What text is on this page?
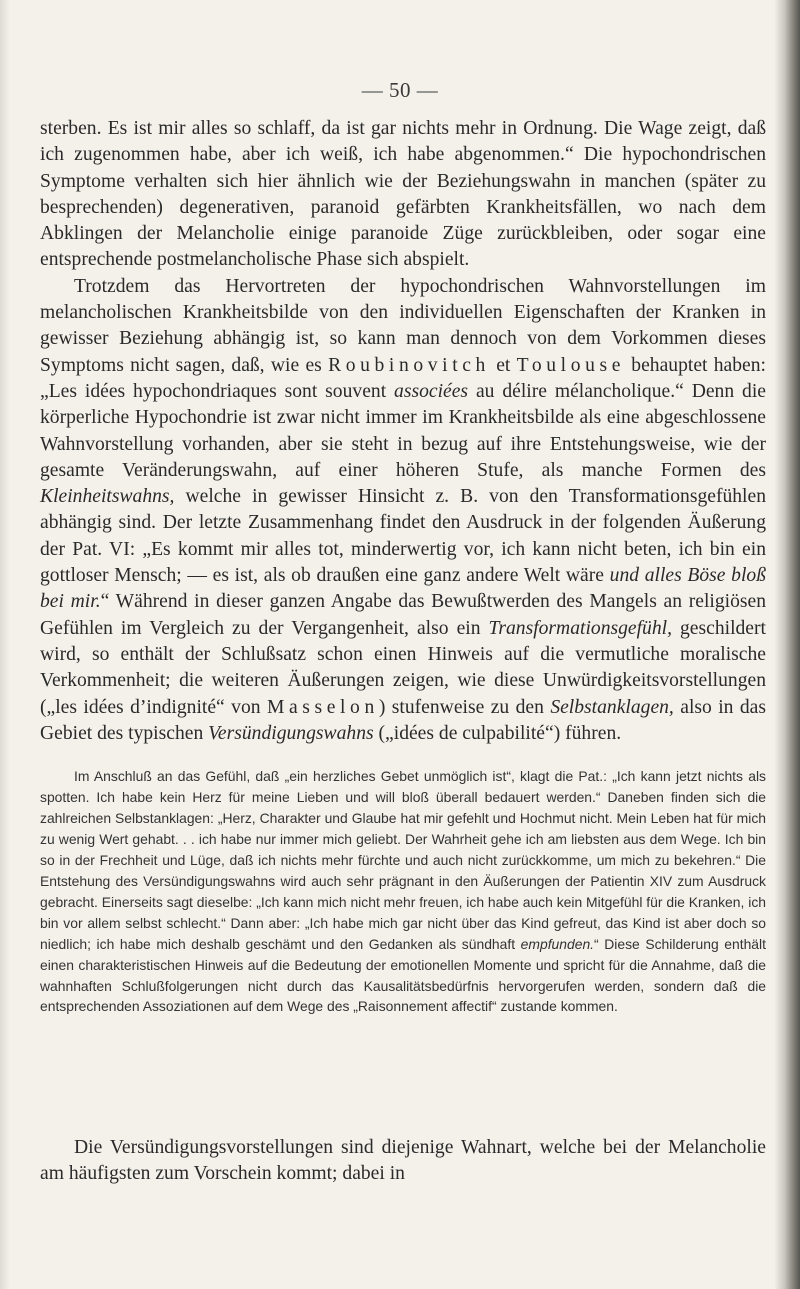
— 50 —

sterben. Es ist mir alles so schlaff, da ist gar nichts mehr in Ordnung. Die Wage zeigt, daß ich zugenommen habe, aber ich weiß, ich habe abgenommen.“ Die hypochondrischen Symptome verhalten sich hier ähnlich wie der Beziehungswahn in manchen (später zu besprechenden) degenerativen, paranoid gefärbten Krankheitsfällen, wo nach dem Abklingen der Melancholie einige paranoide Züge zurückbleiben, oder sogar eine entsprechende postmelancholische Phase sich abspielt.

Trotzdem das Hervortreten der hypochondrischen Wahnvorstellungen im melancholischen Krankheitsbilde von den individuellen Eigenschaften der Kranken in gewisser Beziehung abhängig ist, so kann man dennoch von dem Vorkommen dieses Symptoms nicht sagen, daß, wie es Roubinovitch et Toulouse behauptet haben: „Les idées hypochondriaques sont souvent associées au délire mélancholique.“ Denn die körperliche Hypochondrie ist zwar nicht immer im Krankheitsbilde als eine abgeschlossene Wahnvorstellung vorhanden, aber sie steht in bezug auf ihre Entstehungsweise, wie der gesamte Veränderungswahn, auf einer höheren Stufe, als manche Formen des Kleinheitswahns, welche in gewisser Hinsicht z. B. von den Transformationsgefühlen abhängig sind. Der letzte Zusammenhang findet den Ausdruck in der folgenden Äußerung der Pat. VI: „Es kommt mir alles tot, minderwertig vor, ich kann nicht beten, ich bin ein gottloser Mensch; — es ist, als ob draußen eine ganz andere Welt wäre und alles Böse bloß bei mir.“ Während in dieser ganzen Angabe das Bewußtwerden des Mangels an religiösen Gefühlen im Vergleich zu der Vergangenheit, also ein Transformationsgefühl, geschildert wird, so enthält der Schlußsatz schon einen Hinweis auf die vermutliche moralische Verkommenheit; die weiteren Äußerungen zeigen, wie diese Unwürdigkeitsvorstellungen („les idées d’indignité“ von Masselon) stufenweise zu den Selbstanklagen, also in das Gebiet des typischen Versündigungswahns („idées de culpabilité“) führen.

Im Anschluß an das Gefühl, daß „ein herzliches Gebet unmöglich ist“, klagt die Pat.: „Ich kann jetzt nichts als spotten. Ich habe kein Herz für meine Lieben und will bloß überall bedauert werden.“ Daneben finden sich die zahlreichen Selbstanklagen: „Herz, Charakter und Glaube hat mir gefehlt und Hochmut nicht. Mein Leben hat für mich zu wenig Wert gehabt. . . ich habe nur immer mich geliebt. Der Wahrheit gehe ich am liebsten aus dem Wege. Ich bin so in der Frechheit und Lüge, daß ich nichts mehr fürchte und auch nicht zurückkomme, um mich zu bekehren.“ Die Entstehung des Versündigungswahns wird auch sehr prägnant in den Äußerungen der Patientin XIV zum Ausdruck gebracht. Einerseits sagt dieselbe: „Ich kann mich nicht mehr freuen, ich habe auch kein Mitgefühl für die Kranken, ich bin vor allem selbst schlecht.“ Dann aber: „Ich habe mich gar nicht über das Kind gefreut, das Kind ist aber doch so niedlich; ich habe mich deshalb geschämt und den Gedanken als sündhaft empfunden.“ Diese Schilderung enthält einen charakteristischen Hinweis auf die Bedeutung der emotionellen Momente und spricht für die Annahme, daß die wahnhaften Schlußfolgerungen nicht durch das Kausalitätsbedürfnis hervorgerufen werden, sondern daß die entsprechenden Assoziationen auf dem Wege des „Raisonnement affectif“ zustande kommen.

Die Versündigungsvorstellungen sind diejenige Wahnart, welche bei der Melancholie am häufigsten zum Vorschein kommt; dabei in
